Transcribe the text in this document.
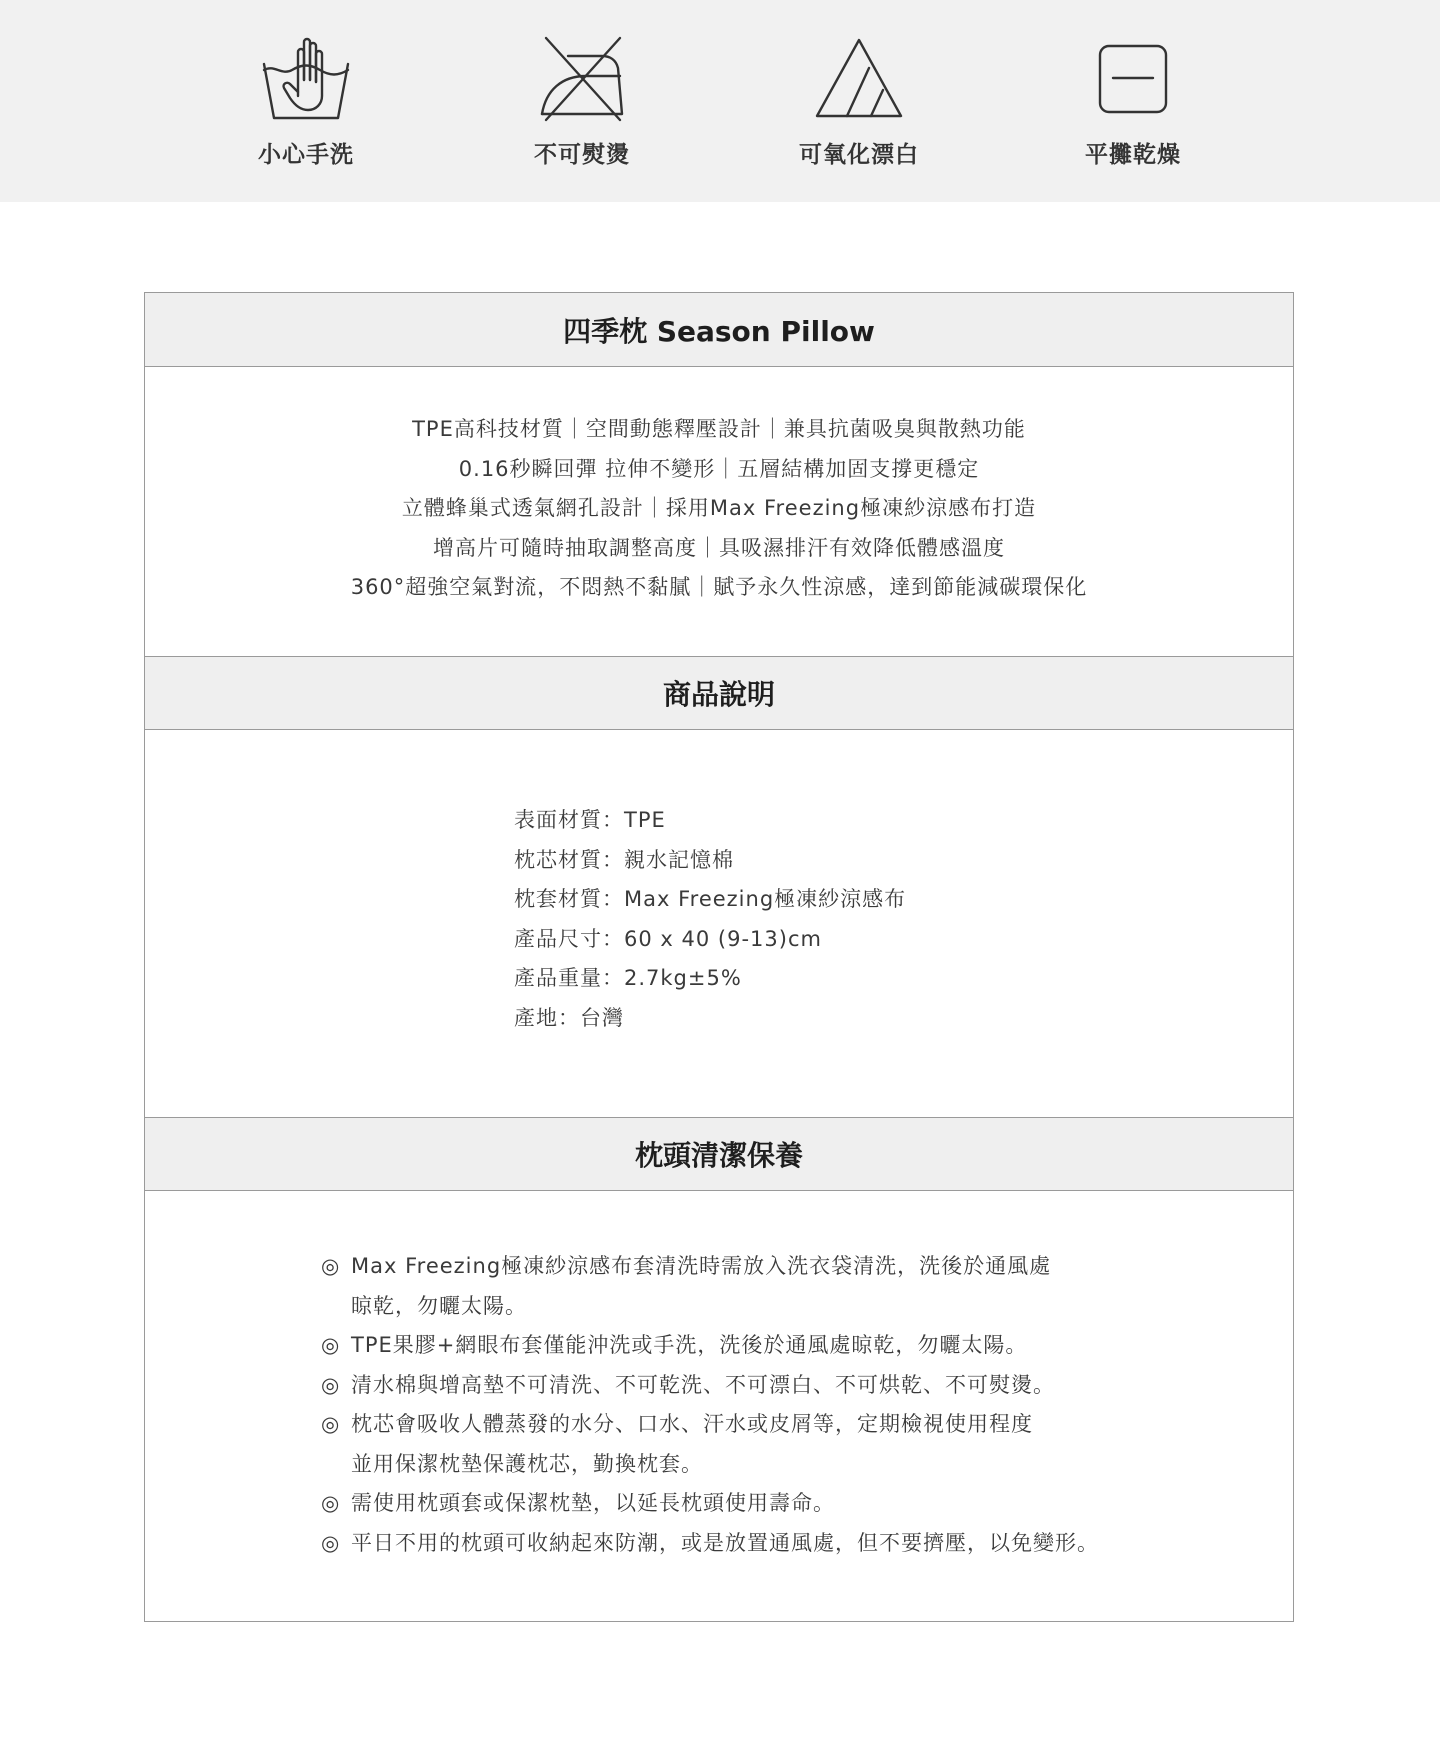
小心手洗	不可熨燙	可氧化漂白	平攤乾燥
四季枕 Season Pillow
TPE高科技材質｜空間動態釋壓設計｜兼具抗菌吸臭與散熱功能
0.16秒瞬回彈 拉伸不變形｜五層結構加固支撐更穩定
立體蜂巢式透氣網孔設計｜採用Max Freezing極凍紗涼感布打造
增高片可隨時抽取調整高度｜具吸濕排汗有效降低體感溫度
360°超強空氣對流，不悶熱不黏膩｜賦予永久性涼感，達到節能減碳環保化
商品說明
表面材質：TPE
枕芯材質：親水記憶棉
枕套材質：Max Freezing極凍紗涼感布
產品尺寸：60 x 40 (9-13)cm
產品重量：2.7kg±5%
產地：台灣
枕頭清潔保養
◎ Max Freezing極凍紗涼感布套清洗時需放入洗衣袋清洗，洗後於通風處
晾乾，勿曬太陽。
◎ TPE果膠+網眼布套僅能沖洗或手洗，洗後於通風處晾乾，勿曬太陽。
◎ 清水棉與增高墊不可清洗、不可乾洗、不可漂白、不可烘乾、不可熨燙。
◎ 枕芯會吸收人體蒸發的水分、口水、汗水或皮屑等，定期檢視使用程度
並用保潔枕墊保護枕芯，勤換枕套。
◎ 需使用枕頭套或保潔枕墊，以延長枕頭使用壽命。
◎ 平日不用的枕頭可收納起來防潮，或是放置通風處，但不要擠壓，以免變形。
